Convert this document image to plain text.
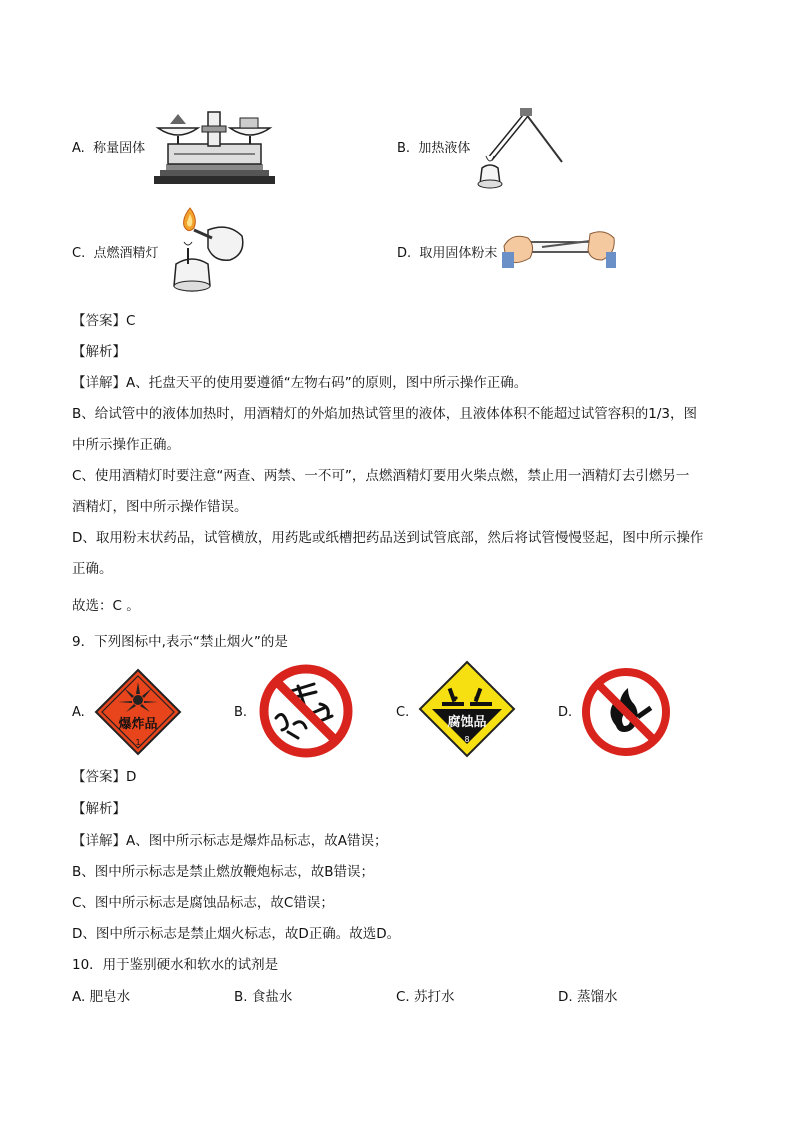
A. 称量固体	B. 加热液体
C. 点燃酒精灯	D. 取用固体粉末
【答案】C
【解析】
【详解】A、托盘天平的使用要遵循“左物右码”的原则，图中所示操作正确。
B、给试管中的液体加热时，用酒精灯的外焰加热试管里的液体，且液体体积不能超过试管容积的1/3，图
中所示操作正确。
C、使用酒精灯时要注意“两查、两禁、一不可”，点燃酒精灯要用火柴点燃，禁止用一酒精灯去引燃另一
酒精灯，图中所示操作错误。
D、取用粉末状药品，试管横放，用药匙或纸槽把药品送到试管底部，然后将试管慢慢竖起，图中所示操作
正确。
故选：C 。
9．下列图标中,表示“禁止烟火”的是
A.
爆炸品
1
B.	C.
腐蚀品
8
D.
【答案】D
【解析】
【详解】A、图中所示标志是爆炸品标志，故A错误；
B、图中所示标志是禁止燃放鞭炮标志，故B错误；
C、图中所示标志是腐蚀品标志，故C错误；
D、图中所示标志是禁止烟火标志，故D正确。故选D。
10．用于鉴别硬水和软水的试剂是
A. 肥皂水	B. 食盐水	C. 苏打水	D. 蒸馏水
